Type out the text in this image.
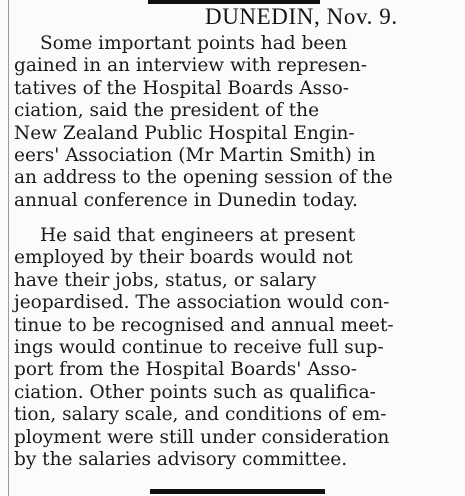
DUNEDIN, Nov. 9.
Some important points had been
gained in an interview with represen-
tatives of the Hospital Boards Asso-
ciation, said the president of the
New Zealand Public Hospital Engin-
eers' Association (Mr Martin Smith) in
an address to the opening session of the
annual conference in Dunedin today.
He said that engineers at present
employed by their boards would not
have their jobs, status, or salary
jeopardised. The association would con-
tinue to be recognised and annual meet-
ings would continue to receive full sup-
port from the Hospital Boards' Asso-
ciation. Other points such as qualifica-
tion, salary scale, and conditions of em-
ployment were still under consideration
by the salaries advisory committee.
